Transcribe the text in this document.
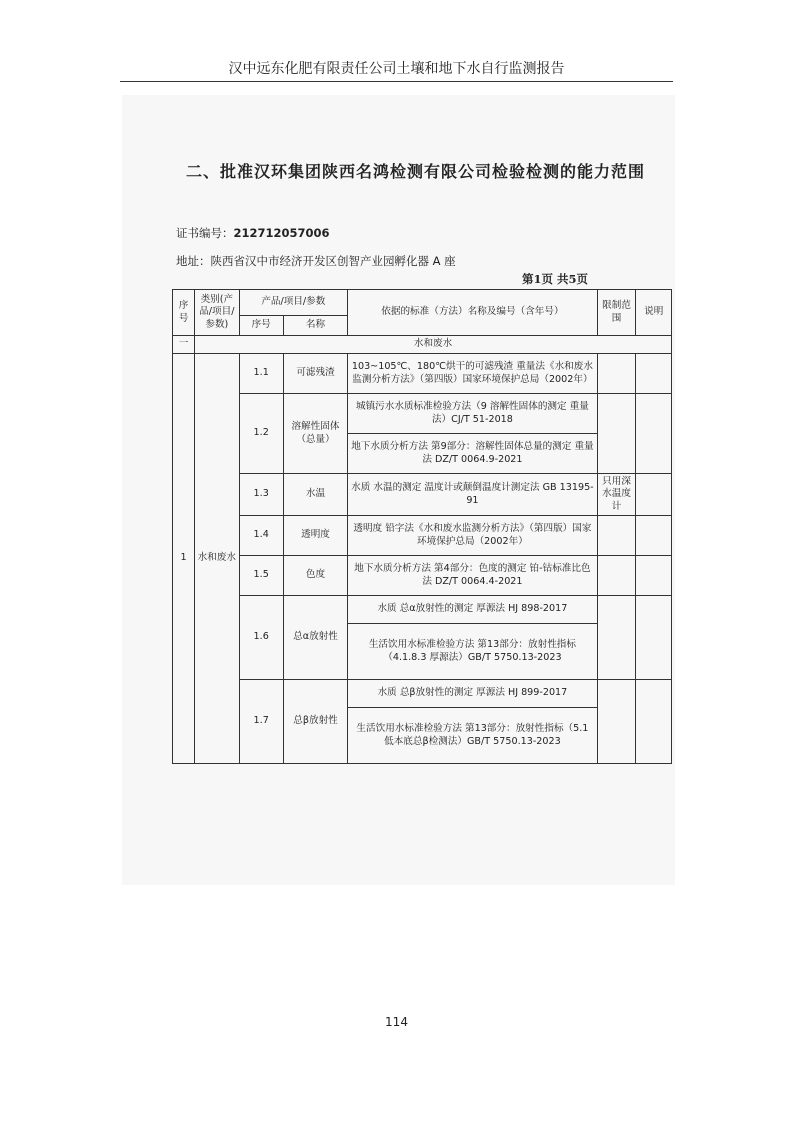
汉中远东化肥有限责任公司土壤和地下水自行监测报告
二、批准汉环集团陕西名鸿检测有限公司检验检测的能力范围
证书编号：212712057006
地址：陕西省汉中市经济开发区创智产业园孵化器 A 座
第1页 共5页
序号	类别(产品/项目/参数)	产品/项目/参数		依据的标准（方法）名称及编号（含年号）	限制范围	说明
		序号	名称			
一	水和废水					
1	水和废水	1.1	可滤残渣	103~105℃、180℃烘干的可滤残渣 重量法《水和废水监测分析方法》（第四版）国家环境保护总局（2002年）		
		1.2	溶解性固体（总量）	城镇污水水质标准检验方法（9 溶解性固体的测定 重量法）CJ/T 51-2018		
				地下水质分析方法 第9部分：溶解性固体总量的测定 重量法 DZ/T 0064.9-2021		
		1.3	水温	水质 水温的测定 温度计或颠倒温度计测定法 GB 13195-91	只用深水温度计	
		1.4	透明度	透明度 铅字法《水和废水监测分析方法》（第四版）国家环境保护总局（2002年）		
		1.5	色度	地下水质分析方法 第4部分：色度的测定 铂-钴标准比色法 DZ/T 0064.4-2021		
		1.6	总α放射性	水质 总α放射性的测定 厚源法 HJ 898-2017		
				生活饮用水标准检验方法 第13部分：放射性指标（4.1.8.3 厚源法）GB/T 5750.13-2023		
		1.7	总β放射性	水质 总β放射性的测定 厚源法 HJ 899-2017		
				生活饮用水标准检验方法 第13部分：放射性指标（5.1 低本底总β检测法）GB/T 5750.13-2023		
114
